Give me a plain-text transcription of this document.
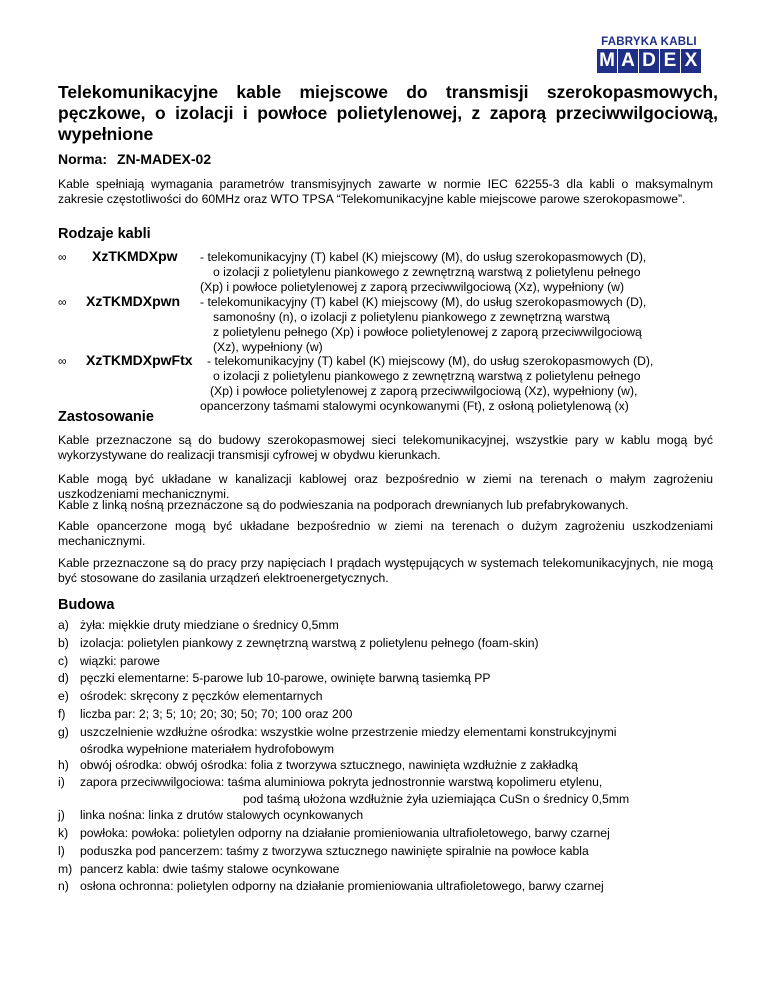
FABRYKA KABLI
M A D E X
Telekomunikacyjne kable miejscowe do transmisji szerokopasmowych, pęczkowe, o izolacji i powłoce polietylenowej, z zaporą przeciwwilgociową, wypełnione
Norma: ZN-MADEX-02
Kable spełniają wymagania parametrów transmisyjnych zawarte w normie IEC 62255-3 dla kabli o maksymalnym zakresie częstotliwości do 60MHz oraz WTO TPSA “Telekomunikacyjne kable miejscowe parowe szerokopasmowe”.
Rodzaje kabli
∞ XzTKMDXpw - telekomunikacyjny (T) kabel (K) miejscowy (M), do usług szerokopasmowych (D),
o izolacji z polietylenu piankowego z zewnętrzną warstwą z polietylenu pełnego
(Xp) i powłoce polietylenowej z zaporą przeciwwilgociową (Xz), wypełniony (w)
∞ XzTKMDXpwn - telekomunikacyjny (T) kabel (K) miejscowy (M), do usług szerokopasmowych (D),
samonośny (n), o izolacji z polietylenu piankowego z zewnętrzną warstwą
z polietylenu pełnego (Xp) i powłoce polietylenowej z zaporą przeciwwilgociową
(Xz), wypełniony (w)
∞ XzTKMDXpwFtx - telekomunikacyjny (T) kabel (K) miejscowy (M), do usług szerokopasmowych (D),
o izolacji z polietylenu piankowego z zewnętrzną warstwą z polietylenu pełnego
(Xp) i powłoce polietylenowej z zaporą przeciwwilgociową (Xz), wypełniony (w),
opancerzony taśmami stalowymi ocynkowanymi (Ft), z osłoną polietylenową (x)
Zastosowanie
Kable przeznaczone są do budowy szerokopasmowej sieci telekomunikacyjnej, wszystkie pary w kablu mogą być wykorzystywane do realizacji transmisji cyfrowej w obydwu kierunkach.
Kable mogą być układane w kanalizacji kablowej oraz bezpośrednio w ziemi na terenach o małym zagrożeniu uszkodzeniami mechanicznymi.
Kable z linką nośną przeznaczone są do podwieszania na podporach drewnianych lub prefabrykowanych.
Kable opancerzone mogą być układane bezpośrednio w ziemi na terenach o dużym zagrożeniu uszkodzeniami mechanicznymi.
Kable przeznaczone są do pracy przy napięciach I prądach występujących w systemach telekomunikacyjnych, nie mogą być stosowane do zasilania urządzeń elektroenergetycznych.
Budowa
a) żyła: miękkie druty miedziane o średnicy 0,5mm
b) izolacja: polietylen piankowy z zewnętrzną warstwą z polietylenu pełnego (foam-skin)
c) wiązki: parowe
d) pęczki elementarne: 5-parowe lub 10-parowe, owinięte barwną tasiemką PP
e) ośrodek: skręcony z pęczków elementarnych
f) liczba par: 2; 3; 5; 10; 20; 30; 50; 70; 100 oraz 200
g) uszczelnienie wzdłużne ośrodka: wszystkie wolne przestrzenie miedzy elementami konstrukcyjnymi
ośrodka wypełnione materiałem hydrofobowym
h) obwój ośrodka: obwój ośrodka: folia z tworzywa sztucznego, nawinięta wzdłużnie z zakładką
i) zapora przeciwwilgociowa: taśma aluminiowa pokryta jednostronnie warstwą kopolimeru etylenu,
pod taśmą ułożona wzdłużnie żyła uziemiająca CuSn o średnicy 0,5mm
j) linka nośna: linka z drutów stalowych ocynkowanych
k) powłoka: powłoka: polietylen odporny na działanie promieniowania ultrafioletowego, barwy czarnej
l) poduszka pod pancerzem: taśmy z tworzywa sztucznego nawinięte spiralnie na powłoce kabla
m) pancerz kabla: dwie taśmy stalowe ocynkowane
n) osłona ochronna: polietylen odporny na działanie promieniowania ultrafioletowego, barwy czarnej
